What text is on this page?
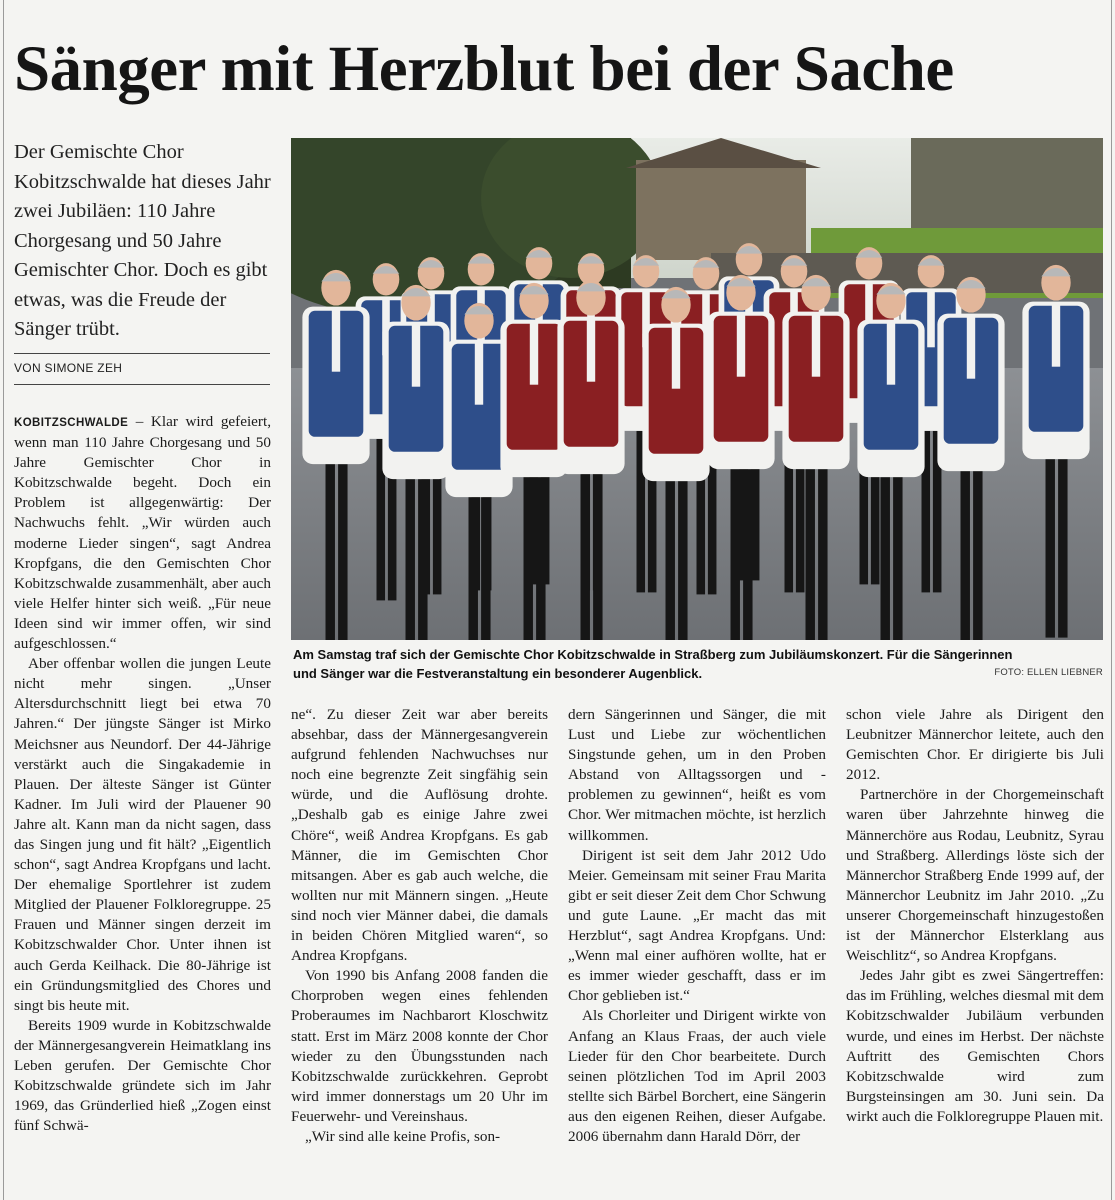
Sänger mit Herzblut bei der Sache
Der Gemischte Chor Kobitzschwalde hat dieses Jahr zwei Jubiläen: 110 Jahre Chorgesang und 50 Jahre Gemischter Chor. Doch es gibt etwas, was die Freude der Sänger trübt.
VON SIMONE ZEH
Am Samstag traf sich der Gemischte Chor Kobitzschwalde in Straßberg zum Jubiläumskonzert. Für die Sängerinnen und Sänger war die Festveranstaltung ein besonderer Augenblick.	FOTO: ELLEN LIEBNER

KOBITZSCHWALDE – Klar wird gefeiert, wenn man 110 Jahre Chorgesang und 50 Jahre Gemischter Chor in Kobitzschwalde begeht. Doch ein Problem ist allgegenwärtig: Der Nachwuchs fehlt. „Wir würden auch moderne Lieder singen“, sagt Andrea Kropfgans, die den Gemischten Chor Kobitzschwalde zusammenhält, aber auch viele Helfer hinter sich weiß. „Für neue Ideen sind wir immer offen, wir sind aufgeschlossen.“

Aber offenbar wollen die jungen Leute nicht mehr singen. „Unser Altersdurchschnitt liegt bei etwa 70 Jahren.“ Der jüngste Sänger ist Mirko Meichsner aus Neundorf. Der 44-Jährige verstärkt auch die Singakademie in Plauen. Der älteste Sänger ist Günter Kadner. Im Juli wird der Plauener 90 Jahre alt. Kann man da nicht sagen, dass das Singen jung und fit hält? „Eigentlich schon“, sagt Andrea Kropfgans und lacht. Der ehemalige Sportlehrer ist zudem Mitglied der Plauener Folkloregruppe. 25 Frauen und Männer singen derzeit im Kobitzschwalder Chor. Unter ihnen ist auch Gerda Keilhack. Die 80-Jährige ist ein Gründungsmitglied des Chores und singt bis heute mit.

Bereits 1909 wurde in Kobitzschwalde der Männergesangverein Heimatklang ins Leben gerufen. Der Gemischte Chor Kobitzschwalde gründete sich im Jahr 1969, das Gründerlied hieß „Zogen einst fünf Schwä-

ne“. Zu dieser Zeit war aber bereits absehbar, dass der Männergesangverein aufgrund fehlenden Nachwuchses nur noch eine begrenzte Zeit singfähig sein würde, und die Auflösung drohte. „Deshalb gab es einige Jahre zwei Chöre“, weiß Andrea Kropfgans. Es gab Männer, die im Gemischten Chor mitsangen. Aber es gab auch welche, die wollten nur mit Männern singen. „Heute sind noch vier Männer dabei, die damals in beiden Chören Mitglied waren“, so Andrea Kropfgans.

Von 1990 bis Anfang 2008 fanden die Chorproben wegen eines fehlenden Proberaumes im Nachbarort Kloschwitz statt. Erst im März 2008 konnte der Chor wieder zu den Übungsstunden nach Kobitzschwalde zurückkehren. Geprobt wird immer donnerstags um 20 Uhr im Feuerwehr- und Vereinshaus.

„Wir sind alle keine Profis, son-

dern Sängerinnen und Sänger, die mit Lust und Liebe zur wöchentlichen Singstunde gehen, um in den Proben Abstand von Alltagssorgen und -problemen zu gewinnen“, heißt es vom Chor. Wer mitmachen möchte, ist herzlich willkommen.

Dirigent ist seit dem Jahr 2012 Udo Meier. Gemeinsam mit seiner Frau Marita gibt er seit dieser Zeit dem Chor Schwung und gute Laune. „Er macht das mit Herzblut“, sagt Andrea Kropfgans. Und: „Wenn mal einer aufhören wollte, hat er es immer wieder geschafft, dass er im Chor geblieben ist.“

Als Chorleiter und Dirigent wirkte von Anfang an Klaus Fraas, der auch viele Lieder für den Chor bearbeitete. Durch seinen plötzlichen Tod im April 2003 stellte sich Bärbel Borchert, eine Sängerin aus den eigenen Reihen, dieser Aufgabe. 2006 übernahm dann Harald Dörr, der

schon viele Jahre als Dirigent den Leubnitzer Männerchor leitete, auch den Gemischten Chor. Er dirigierte bis Juli 2012.

Partnerchöre in der Chorgemeinschaft waren über Jahrzehnte hinweg die Männerchöre aus Rodau, Leubnitz, Syrau und Straßberg. Allerdings löste sich der Männerchor Straßberg Ende 1999 auf, der Männerchor Leubnitz im Jahr 2010. „Zu unserer Chorgemeinschaft hinzugestoßen ist der Männerchor Elsterklang aus Weischlitz“, so Andrea Kropfgans.

Jedes Jahr gibt es zwei Sängertreffen: das im Frühling, welches diesmal mit dem Kobitzschwalder Jubiläum verbunden wurde, und eines im Herbst. Der nächste Auftritt des Gemischten Chors Kobitzschwalde wird zum Burgsteinsingen am 30. Juni sein. Da wirkt auch die Folkloregruppe Plauen mit.
